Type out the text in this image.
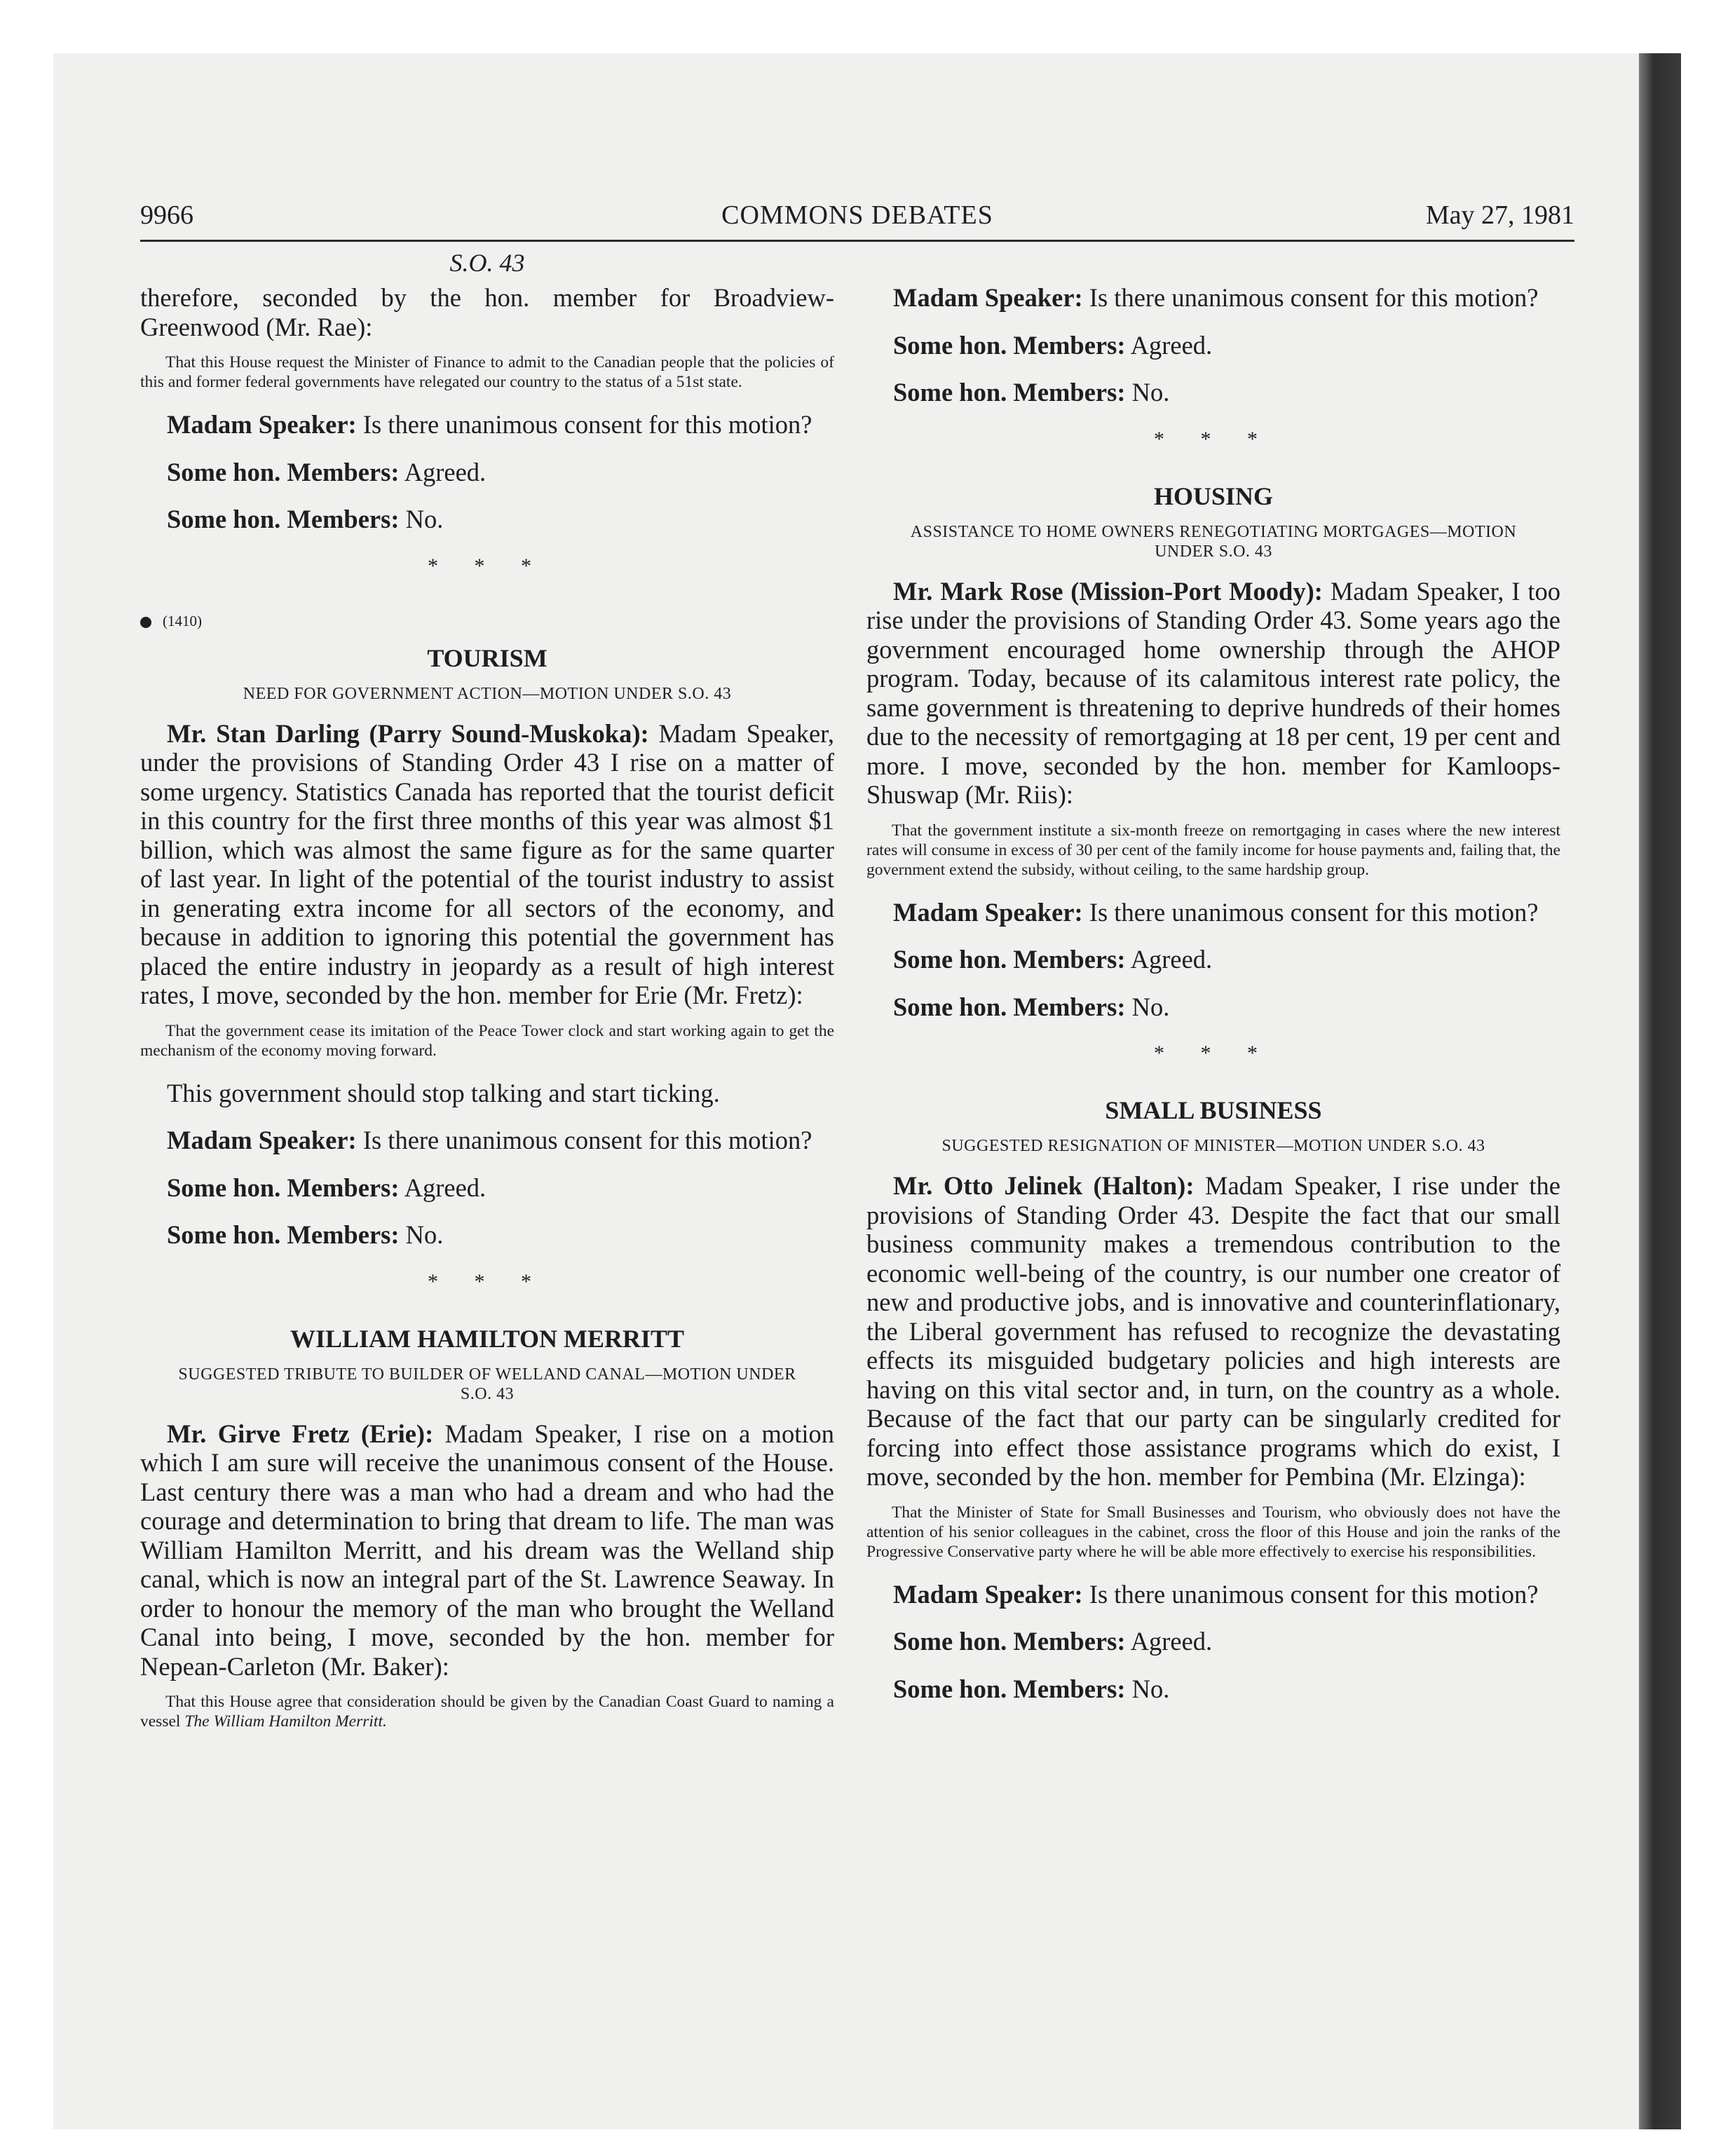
9966	COMMONS DEBATES	May 27, 1981
S.O. 43

therefore, seconded by the hon. member for Broadview-Greenwood (Mr. Rae):

That this House request the Minister of Finance to admit to the Canadian people that the policies of this and former federal governments have relegated our country to the status of a 51st state.

Madam Speaker: Is there unanimous consent for this motion?

Some hon. Members: Agreed.

Some hon. Members: No.

* * *
(1410)
TOURISM
NEED FOR GOVERNMENT ACTION—MOTION UNDER S.O. 43

Mr. Stan Darling (Parry Sound-Muskoka): Madam Speaker, under the provisions of Standing Order 43 I rise on a matter of some urgency. Statistics Canada has reported that the tourist deficit in this country for the first three months of this year was almost $1 billion, which was almost the same figure as for the same quarter of last year. In light of the potential of the tourist industry to assist in generating extra income for all sectors of the economy, and because in addition to ignoring this potential the government has placed the entire industry in jeopardy as a result of high interest rates, I move, seconded by the hon. member for Erie (Mr. Fretz):

That the government cease its imitation of the Peace Tower clock and start working again to get the mechanism of the economy moving forward.

This government should stop talking and start ticking.

Madam Speaker: Is there unanimous consent for this motion?

Some hon. Members: Agreed.

Some hon. Members: No.

* * *
WILLIAM HAMILTON MERRITT
SUGGESTED TRIBUTE TO BUILDER OF WELLAND CANAL—MOTION UNDER S.O. 43

Mr. Girve Fretz (Erie): Madam Speaker, I rise on a motion which I am sure will receive the unanimous consent of the House. Last century there was a man who had a dream and who had the courage and determination to bring that dream to life. The man was William Hamilton Merritt, and his dream was the Welland ship canal, which is now an integral part of the St. Lawrence Seaway. In order to honour the memory of the man who brought the Welland Canal into being, I move, seconded by the hon. member for Nepean-Carleton (Mr. Baker):

That this House agree that consideration should be given by the Canadian Coast Guard to naming a vessel The William Hamilton Merritt.

Madam Speaker: Is there unanimous consent for this motion?

Some hon. Members: Agreed.

Some hon. Members: No.

* * *
HOUSING
ASSISTANCE TO HOME OWNERS RENEGOTIATING MORTGAGES—MOTION UNDER S.O. 43

Mr. Mark Rose (Mission-Port Moody): Madam Speaker, I too rise under the provisions of Standing Order 43. Some years ago the government encouraged home ownership through the AHOP program. Today, because of its calamitous interest rate policy, the same government is threatening to deprive hundreds of their homes due to the necessity of remortgaging at 18 per cent, 19 per cent and more. I move, seconded by the hon. member for Kamloops-Shuswap (Mr. Riis):

That the government institute a six-month freeze on remortgaging in cases where the new interest rates will consume in excess of 30 per cent of the family income for house payments and, failing that, the government extend the subsidy, without ceiling, to the same hardship group.

Madam Speaker: Is there unanimous consent for this motion?

Some hon. Members: Agreed.

Some hon. Members: No.

* * *
SMALL BUSINESS
SUGGESTED RESIGNATION OF MINISTER—MOTION UNDER S.O. 43

Mr. Otto Jelinek (Halton): Madam Speaker, I rise under the provisions of Standing Order 43. Despite the fact that our small business community makes a tremendous contribution to the economic well-being of the country, is our number one creator of new and productive jobs, and is innovative and counterinflationary, the Liberal government has refused to recognize the devastating effects its misguided budgetary policies and high interests are having on this vital sector and, in turn, on the country as a whole. Because of the fact that our party can be singularly credited for forcing into effect those assistance programs which do exist, I move, seconded by the hon. member for Pembina (Mr. Elzinga):

That the Minister of State for Small Businesses and Tourism, who obviously does not have the attention of his senior colleagues in the cabinet, cross the floor of this House and join the ranks of the Progressive Conservative party where he will be able more effectively to exercise his responsibilities.

Madam Speaker: Is there unanimous consent for this motion?

Some hon. Members: Agreed.

Some hon. Members: No.
